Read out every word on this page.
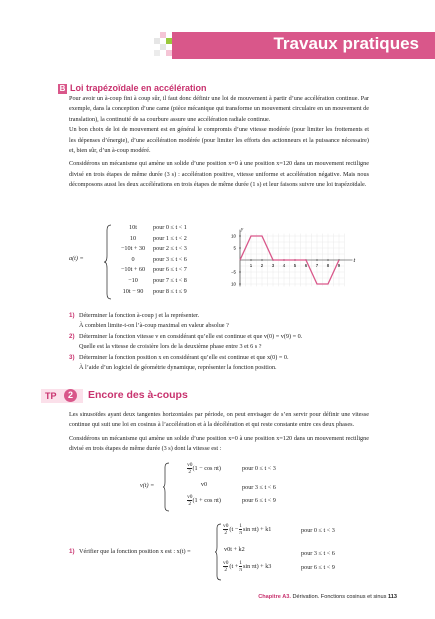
Travaux pratiques
B Loi trapézoïdale en accélération

Pour avoir un à-coup fini à coup sûr, il faut donc définir une loi de mouvement à partir d’une accélération continue. Par exemple, dans la conception d’une came (pièce mécanique qui transforme un mouvement circulaire en un mouvement de translation), la continuité de sa courbure assure une accélération radiale continue.

Un bon choix de loi de mouvement est en général le compromis d’une vitesse modérée (pour limiter les frottements et les dépenses d’énergie), d’une accélération modérée (pour limiter les efforts des actionneurs et la puissance nécessaire) et, bien sûr, d’un à-coup modéré.

Considérons un mécanisme qui amène un solide d’une position x=0 à une position x=120 dans un mouvement rectiligne divisé en trois étapes de même durée (3 s) : accélération positive, vitesse uniforme et accélération négative. Mais nous décomposons aussi les deux accélérations en trois étapes de même durée (1 s) et leur faisons suivre une loi trapézoïdale.

a(t) =
10t	pour 0 ≤ t < 1
10	pour 1 ≤ t < 2
−10t + 30	pour 2 ≤ t < 3
0	pour 3 ≤ t < 6
−10t + 60	pour 6 ≤ t < 7
−10	pour 7 ≤ t < 8
10t − 90	pour 8 ≤ t ≤ 9
t
y
1 2 3 4 5 6 7 8 9
10
5
−5
10
1) Déterminer la fonction à-coup j et la représenter.
À combien limite-t-on l’à-coup maximal en valeur absolue ?
2) Déterminer la fonction vitesse v en considérant qu’elle est continue et que v(0) = v(9) = 0.
Quelle est la vitesse de croisière lors de la deuxième phase entre 3 et 6 s ?
3) Déterminer la fonction position x en considérant qu’elle est continue et que x(0) = 0.
À l’aide d’un logiciel de géométrie dynamique, représenter la fonction position.
TP	2	Encore des à-coups

Les sinusoïdes ayant deux tangentes horizontales par période, on peut envisager de s’en servir pour définir une vitesse continue qui suit une loi en cosinus à l’accélération et à la décélération et qui reste constante entre ces deux phases.

Considérons un mécanisme qui amène un solide d’une position x=0 à une position x=120 dans un mouvement rectiligne divisé en trois étapes de même durée (3 s) dont la vitesse est :

v(t) =
$\frac{v0}{2} (1 - \cos \pi t)$	pour 0 ≤ t < 3
v0	pour 3 ≤ t < 6
$\frac{v0}{2} (1 + \cos \pi t)$	pour 6 ≤ t < 9
1) Vérifier que la fonction position x est : x(t) =
$\frac{v0}{2} (t - \frac{1}{\pi}$ sin πt) + k1	pour 0 ≤ t < 3
v0t + k2
pour 3 ≤ t < 6
$\frac{v0}{2} (t + \frac{1}{\pi}$ sin πt) + k3	pour 6 ≤ t < 9
Chapitre A3. Dérivation. Fonctions cosinus et sinus 113
